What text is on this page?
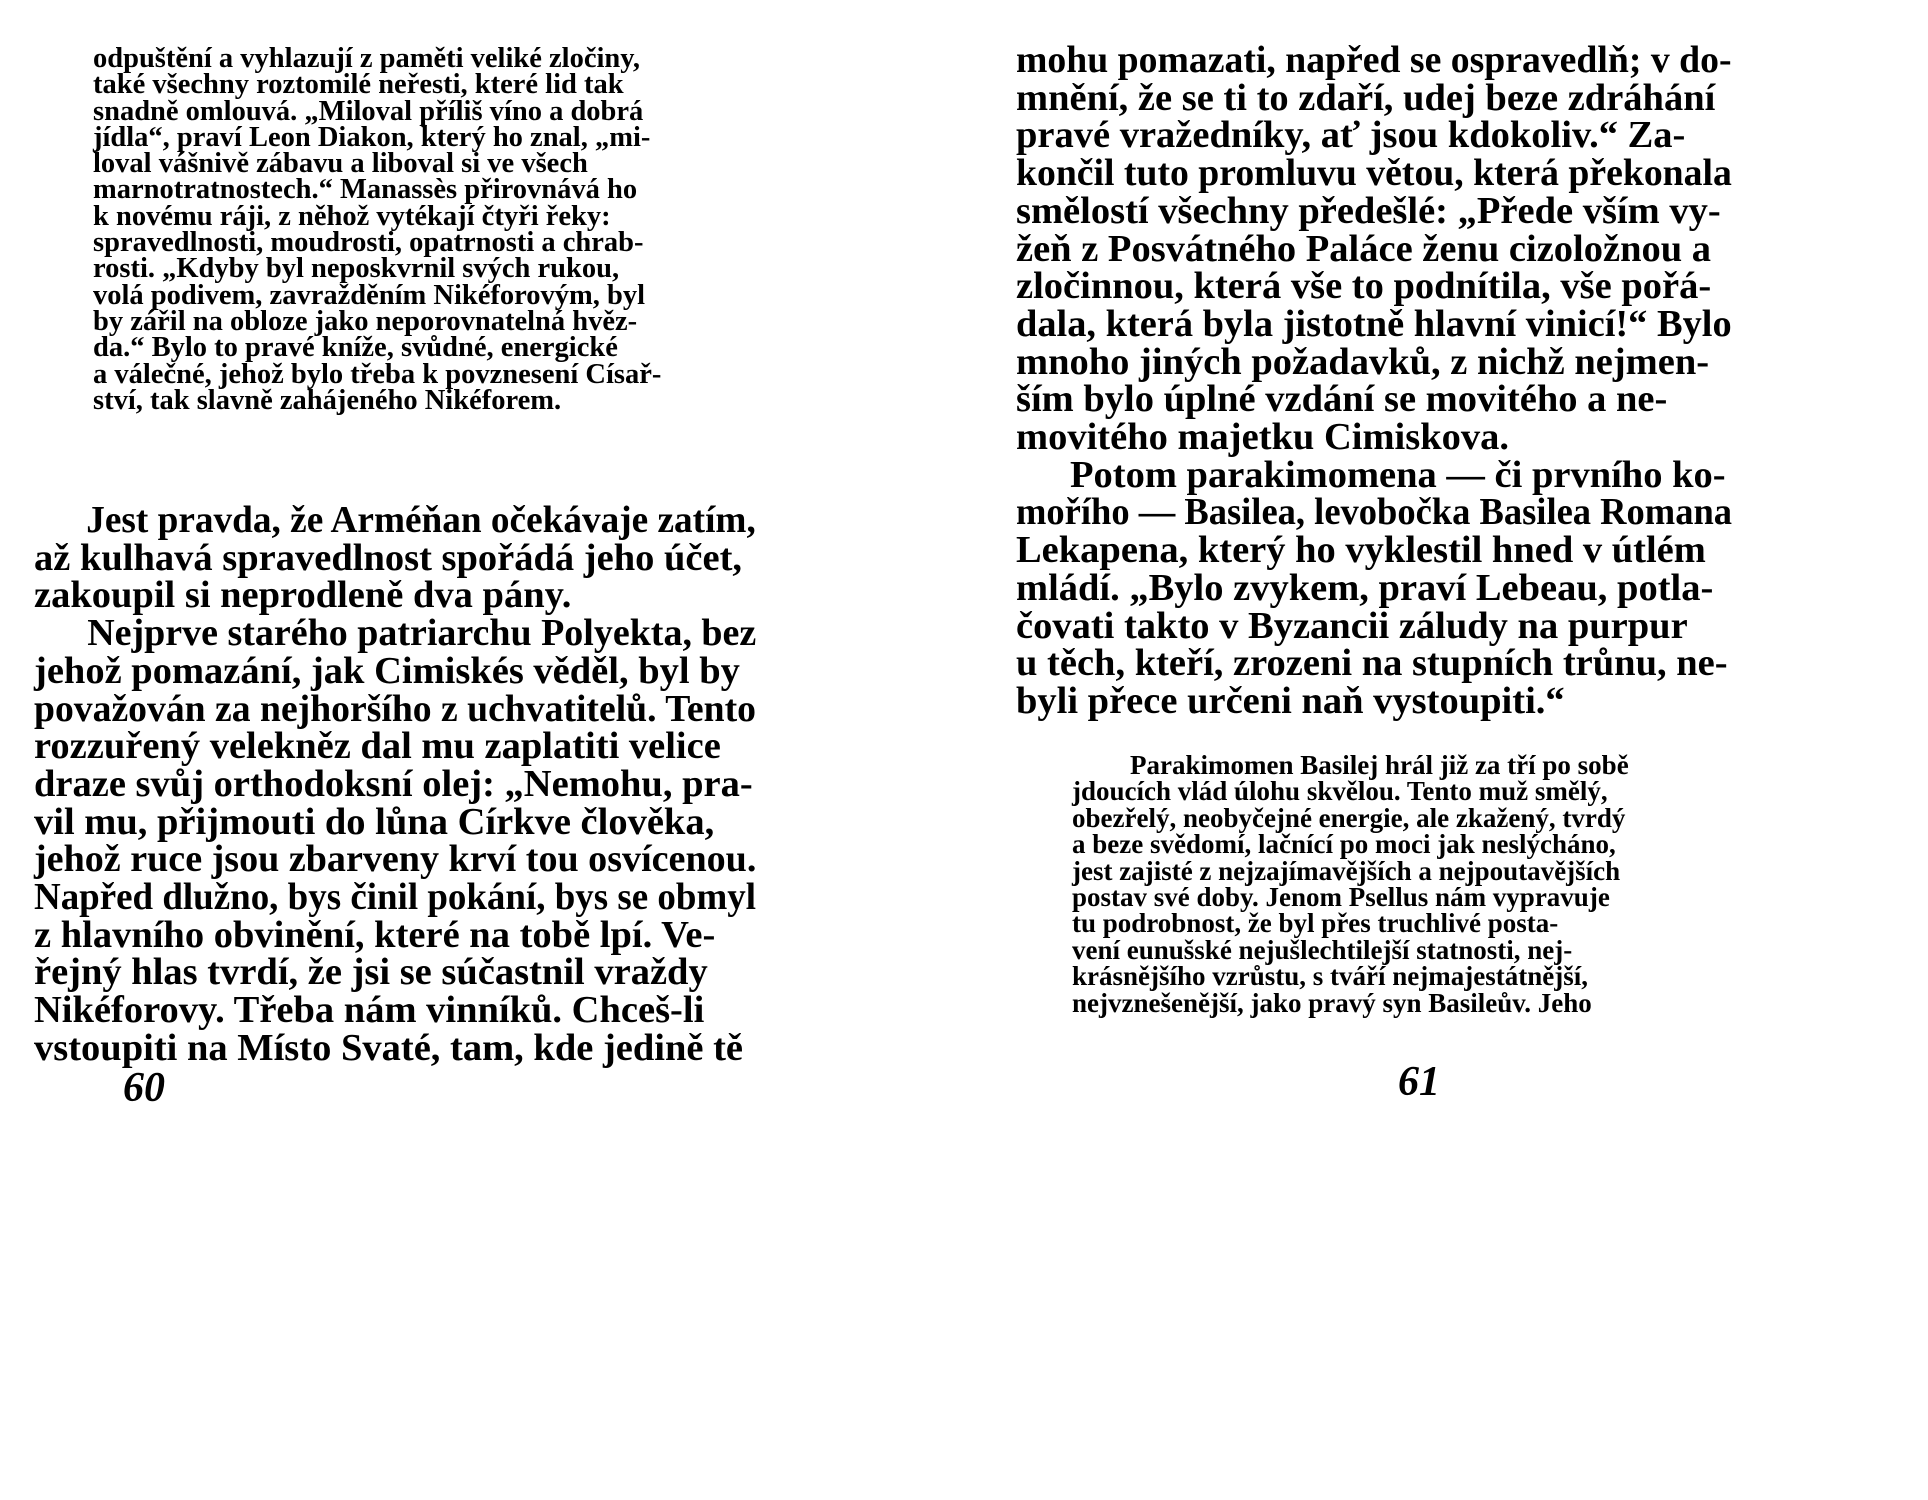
odpuštění a vyhlazují z paměti veliké zločiny,
také všechny roztomilé neřesti, které lid tak
snadně omlouvá. „Miloval příliš víno a dobrá
jídla“, praví Leon Diakon, který ho znal, „mi-
loval vášnivě zábavu a liboval si ve všech
marnotratnostech.“ Manassès přirovnává ho
k novému ráji, z něhož vytékají čtyři řeky:
spravedlnosti, moudrosti, opatrnosti a chrab-
rosti. „Kdyby byl neposkvrnil svých rukou,
volá podivem, zavražděním Nikéforovým, byl
by zářil na obloze jako neporovnatelná hvěz-
da.“ Bylo to pravé kníže, svůdné, energické
a válečné, jehož bylo třeba k povznesení Císař-
ství, tak slavně zahájeného Nikéforem.
Jest pravda, že Arméňan očekávaje zatím,
až kulhavá spravedlnost spořádá jeho účet,
zakoupil si neprodleně dva pány.
Nejprve starého patriarchu Polyekta, bez
jehož pomazání, jak Cimiskés věděl, byl by
považován za nejhoršího z uchvatitelů. Tento
rozzuřený velekněz dal mu zaplatiti velice
draze svůj orthodoksní olej: „Nemohu, pra-
vil mu, přijmouti do lůna Církve člověka,
jehož ruce jsou zbarveny krví tou osvícenou.
Napřed dlužno, bys činil pokání, bys se obmyl
z hlavního obvinění, které na tobě lpí. Ve-
řejný hlas tvrdí, že jsi se súčastnil vraždy
Nikéforovy. Třeba nám vinníků. Chceš-li
vstoupiti na Místo Svaté, tam, kde jedině tě
60
mohu pomazati, napřed se ospravedlň; v do-
mnění, že se ti to zdaří, udej beze zdráhání
pravé vražedníky, ať jsou kdokoliv.“ Za-
končil tuto promluvu větou, která překonala
smělostí všechny předešlé: „Přede vším vy-
žeň z Posvátného Paláce ženu cizoložnou a
zločinnou, která vše to podnítila, vše pořá-
dala, která byla jistotně hlavní vinicí!“ Bylo
mnoho jiných požadavků, z nichž nejmen-
ším bylo úplné vzdání se movitého a ne-
movitého majetku Cimiskova.
Potom parakimomena — či prvního ko-
mořího — Basilea, levobočka Basilea Romana
Lekapena, který ho vyklestil hned v útlém
mládí. „Bylo zvykem, praví Lebeau, potla-
čovati takto v Byzancii záludy na purpur
u těch, kteří, zrozeni na stupních trůnu, ne-
byli přece určeni naň vystoupiti.“
Parakimomen Basilej hrál již za tří po sobě
jdoucích vlád úlohu skvělou. Tento muž smělý,
obezřelý, neobyčejné energie, ale zkažený, tvrdý
a beze svědomí, lačnící po moci jak neslýcháno,
jest zajisté z nejzajímavějších a nejpoutavějších
postav své doby. Jenom Psellus nám vypravuje
tu podrobnost, že byl přes truchlivé posta-
vení eunušské nejušlechtilejší statnosti, nej-
krásnějšího vzrůstu, s tváří nejmajestátnější,
nejvznešenější, jako pravý syn Basileův. Jeho
61
